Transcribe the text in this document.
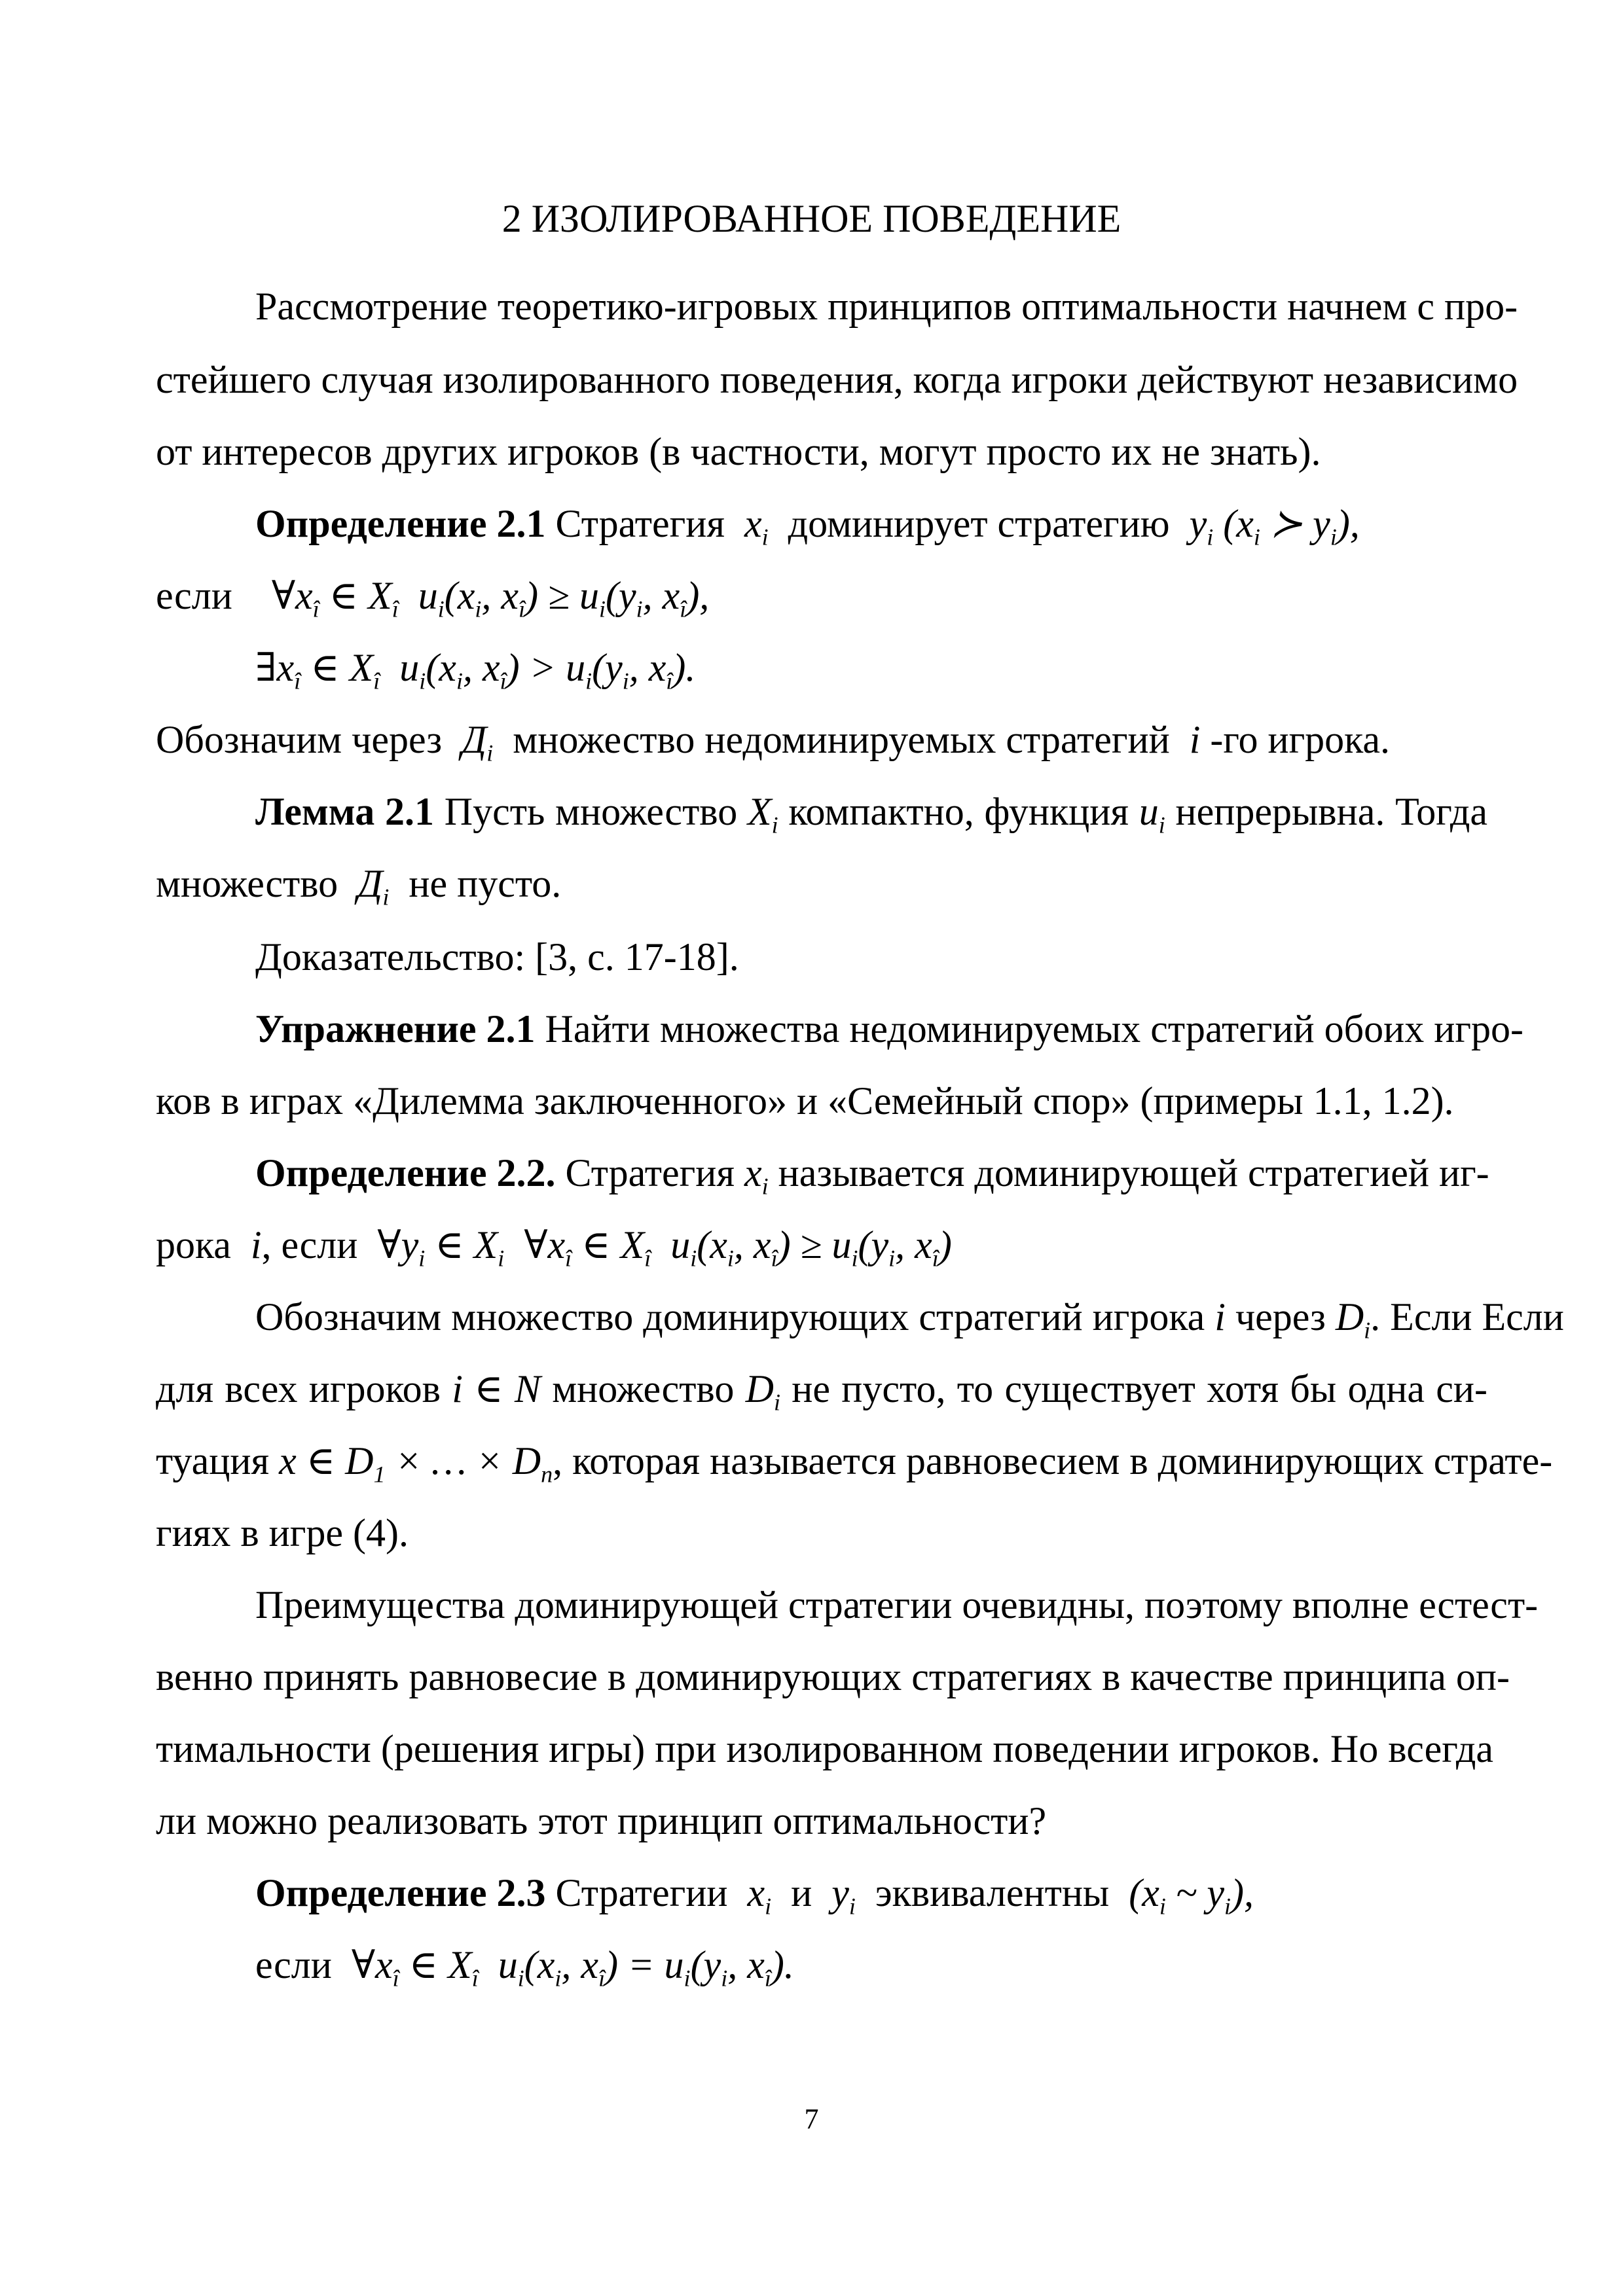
2 ИЗОЛИРОВАННОЕ ПОВЕДЕНИЕ
Рассмотрение теоретико-игровых принципов оптимальности начнем с про-
стейшего случая изолированного поведения, когда игроки действуют независимо
от интересов других игроков (в частности, могут просто их не знать).
Определение 2.1 Стратегия  $x_i$ доминирует стратегию  $y_i$ ($x_i$ ≻ $y_i$),
если    $\forall x_î$ ∈ $X_î$  $u_i(x_i$, $x_î) \ge u_i(y_i$, $x_î$),
$\exists x_î$ ∈ $X_î$  $u_i(x_i$, $x_î) > u_i(y_i$, $x_î$).
Обозначим через  $Д_i$ множество недоминируемых стратегий  i -го игрока.
Лемма 2.1 Пусть множество $X_i$ компактно, функция $u_i$ непрерывна. Тогда
множество  $Д_i$ не пусто.
Доказательство: [3, с. 17-18].
Упражнение 2.1 Найти множества недоминируемых стратегий обоих игро-
ков в играх «Дилемма заключенного» и «Семейный спор» (примеры 1.1, 1.2).
Определение 2.2. Стратегия $x_i$ называется доминирующей стратегией иг-
рока  i, если  $\forall y_i$ ∈ $X_i$  $\forall x_î$ ∈ $X_î$  $u_i(x_i$, $x_î) \ge u_i(y_i$, $x_î$)
Обозначим множество доминирующих стратегий игрока i через $D_i$. Если Если
для всех игроков i ∈ N множество $D_i$ не пусто, то существует хотя бы одна си-
туация x ∈ $D_1$ × … × $D_n$, которая называется равновесием в доминирующих страте-
гиях в игре (4).
Преимущества доминирующей стратегии очевидны, поэтому вполне естест-
венно принять равновесие в доминирующих стратегиях в качестве принципа оп-
тимальности (решения игры) при изолированном поведении игроков. Но всегда
ли можно реализовать этот принцип оптимальности?
Определение 2.3 Стратегии  $x_i$ и  $y_i$ эквивалентны  ($x_i$ ~ $y_i$),
если  $\forall x_î$ ∈ $X_î$  $u_i(x_i$, $x_î) = u_i(y_i$, $x_î$).
7
